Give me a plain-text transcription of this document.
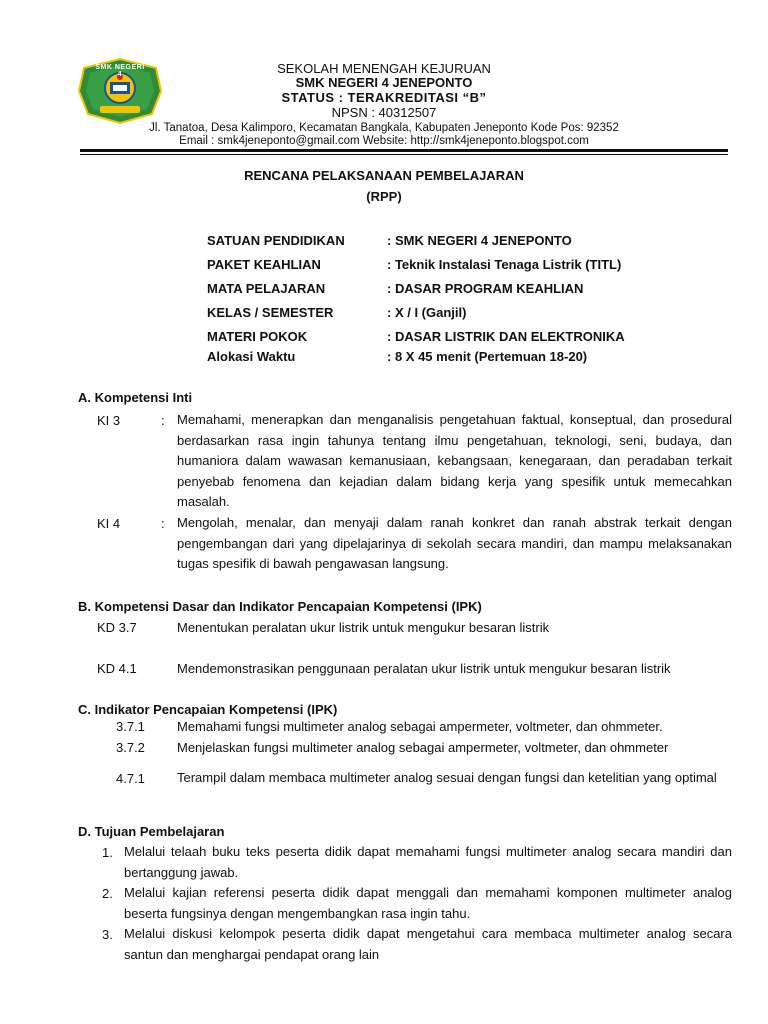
SMK NEGERI 4	SEKOLAH MENENGAH KEJURUAN
SMK NEGERI 4 JENEPONTO
STATUS : TERAKREDITASI “B”
NPSN : 40312507
Jl. Tanatoa, Desa Kalimporo, Kecamatan Bangkala, Kabupaten Jeneponto Kode Pos: 92352
Email : smk4jeneponto@gmail.com Website: http://smk4jeneponto.blogspot.com
RENCANA PELAKSANAAN PEMBELAJARAN
(RPP)
SATUAN PENDIDIKAN	: SMK NEGERI 4 JENEPONTO
PAKET KEAHLIAN	: Teknik Instalasi Tenaga Listrik (TITL)
MATA PELAJARAN	: DASAR PROGRAM KEAHLIAN
KELAS / SEMESTER	: X / I (Ganjil)
MATERI POKOK	: DASAR LISTRIK DAN ELEKTRONIKA
Alokasi Waktu	: 8 X 45 menit (Pertemuan 18-20)
A. Kompetensi Inti
KI 3	: Memahami, menerapkan dan menganalisis pengetahuan faktual, konseptual, dan prosedural berdasarkan rasa ingin tahunya tentang ilmu pengetahuan, teknologi, seni, budaya, dan humaniora dalam wawasan kemanusiaan, kebangsaan, kenegaraan, dan peradaban terkait penyebab fenomena dan kejadian dalam bidang kerja yang spesifik untuk memecahkan masalah.
KI 4	: Mengolah, menalar, dan menyaji dalam ranah konkret dan ranah abstrak terkait dengan pengembangan dari yang dipelajarinya di sekolah secara mandiri, dan mampu melaksanakan tugas spesifik di bawah pengawasan langsung.
B. Kompetensi Dasar dan Indikator Pencapaian Kompetensi (IPK)
KD 3.7	Menentukan peralatan ukur listrik untuk mengukur besaran listrik
KD 4.1	Mendemonstrasikan penggunaan peralatan ukur listrik untuk mengukur besaran listrik
C. Indikator Pencapaian Kompetensi (IPK)
3.7.1 Memahami fungsi multimeter analog sebagai ampermeter, voltmeter, dan ohmmeter.
3.7.2 Menjelaskan fungsi multimeter analog sebagai ampermeter, voltmeter, dan ohmmeter
4.7.1 Terampil dalam membaca multimeter analog sesuai dengan fungsi dan ketelitian yang optimal
D. Tujuan Pembelajaran
1. Melalui telaah buku teks peserta didik dapat memahami fungsi multimeter analog secara mandiri dan bertanggung jawab.
2. Melalui kajian referensi peserta didik dapat menggali dan memahami komponen multimeter analog beserta fungsinya dengan mengembangkan rasa ingin tahu.
3. Melalui diskusi kelompok peserta didik dapat mengetahui cara membaca multimeter analog secara santun dan menghargai pendapat orang lain
